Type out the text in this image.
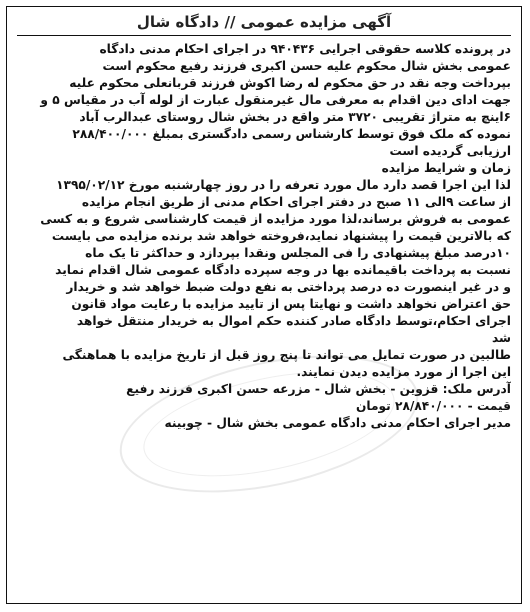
آگهی مزایده عمومی // دادگاه شال
در پرونده کلاسه حقوقی اجرایی ۹۴۰۴۳۶ در اجرای احکام مدنی دادگاه
عمومی بخش شال محکوم علیه حسن اکبری فرزند رفیع محکوم است
بپرداخت وجه نقد در حق محکوم له رضا اکوش فرزند قربانعلی محکوم علیه
جهت ادای دین اقدام به معرفی مال غیرمنقول عبارت از لوله آب در مقیاس ۵ و
۶اینچ به متراژ تقریبی ۳۷۲۰ متر واقع در بخش شال روستای عبدالرب آباد
نموده که ملک فوق توسط کارشناس رسمی دادگستری بمبلغ ۲۸۸/۴۰۰/۰۰۰
ارزیابی گردیده است
زمان و شرایط مزایده
لذا این اجرا قصد دارد مال مورد تعرفه را در روز چهارشنبه مورخ ۱۳۹۵/۰۲/۱۲
از ساعت ۹الی ۱۱ صبح در دفتر اجرای احکام مدنی از طریق انجام مزایده
عمومی به فروش برساند،لذا مورد مزایده از قیمت کارشناسی شروع و به کسی
که بالاترین قیمت را پیشنهاد نماید،فروخته خواهد شد برنده مزایده می بایست
۱۰درصد مبلغ پیشنهادی را فی المجلس ونقدا بپردازد و حداکثر تا یک ماه
نسبت به پرداخت باقیمانده بها در وجه سپرده دادگاه عمومی شال اقدام نماید
و در غیر اینصورت ده درصد پرداختی به نفع دولت ضبط خواهد شد و خریدار
حق اعتراض نخواهد داشت و نهایتا پس از تایید مزایده با رعایت مواد قانون
اجرای احکام،توسط دادگاه صادر کننده حکم اموال به خریدار منتقل خواهد
شد
طالبین در صورت تمایل می تواند تا پنج روز قبل از تاریخ مزایده با هماهنگی
این اجرا از مورد مزایده دیدن نمایند.
آدرس ملک: قزوین - بخش شال - مزرعه حسن اکبری فرزند رفیع
قیمت - ۲۸/۸۴۰/۰۰۰ تومان
مدیر اجرای احکام مدنی دادگاه عمومی بخش شال - چوبینه
